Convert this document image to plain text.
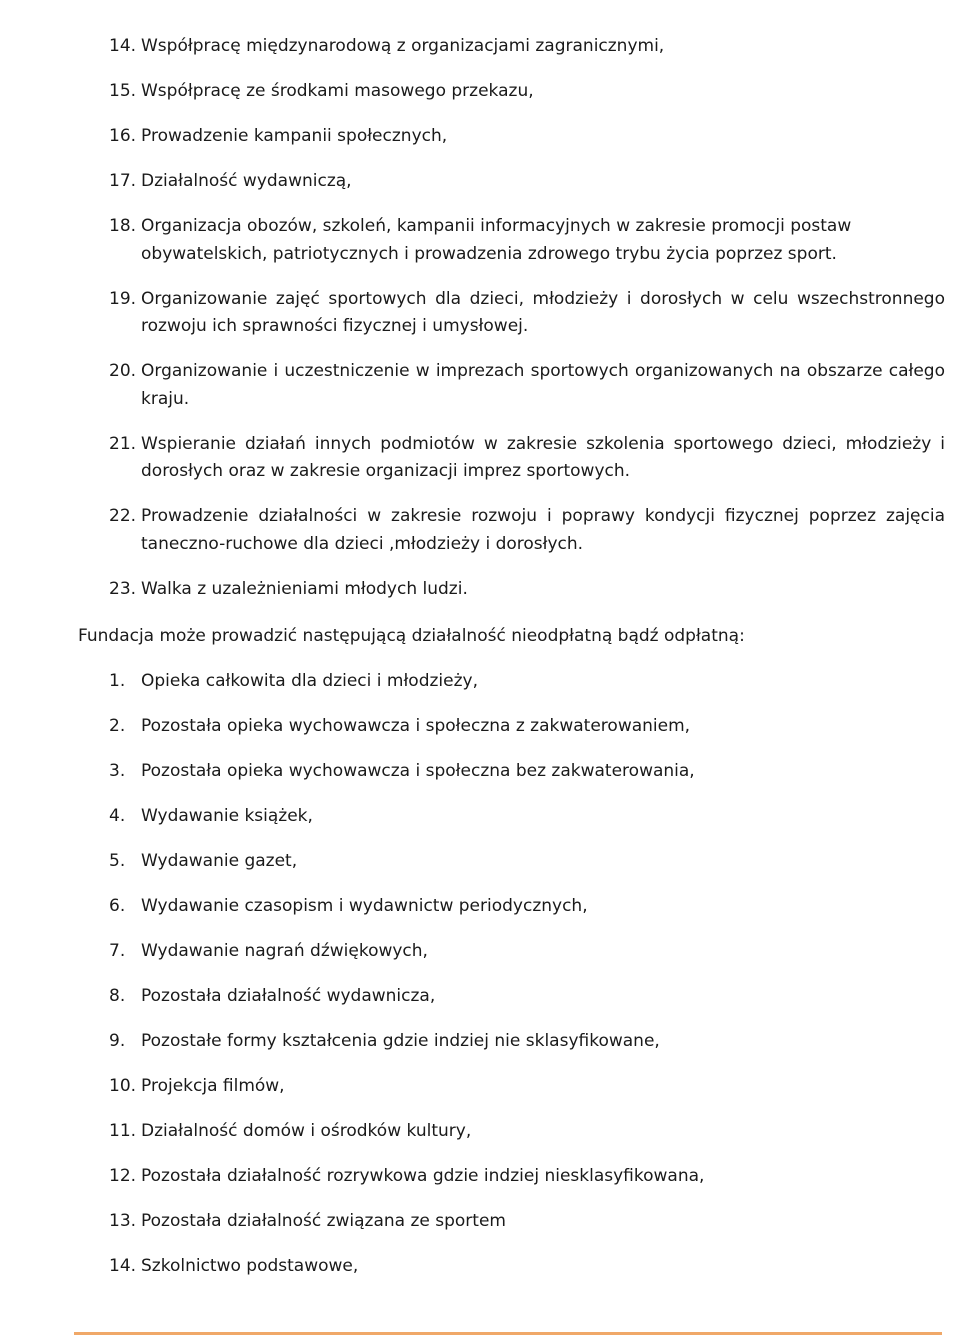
14. Współpracę międzynarodową z organizacjami zagranicznymi,
15. Współpracę ze środkami masowego przekazu,
16. Prowadzenie kampanii społecznych,
17. Działalność wydawniczą,
18. Organizacja obozów, szkoleń, kampanii informacyjnych w zakresie promocji postaw obywatelskich, patriotycznych i prowadzenia zdrowego trybu życia poprzez sport.
19. Organizowanie zajęć sportowych dla dzieci, młodzieży i dorosłych w celu wszechstronnego rozwoju ich sprawności fizycznej i umysłowej.
20. Organizowanie i uczestniczenie w imprezach sportowych organizowanych na obszarze całego kraju.
21. Wspieranie działań innych podmiotów w zakresie szkolenia sportowego dzieci, młodzieży i dorosłych oraz w zakresie organizacji imprez sportowych.
22. Prowadzenie działalności w zakresie rozwoju i poprawy kondycji fizycznej poprzez zajęcia taneczno-ruchowe dla dzieci ,młodzieży i dorosłych.
23. Walka z uzależnieniami młodych ludzi.
Fundacja może prowadzić następującą działalność nieodpłatną bądź odpłatną:
1. Opieka całkowita dla dzieci i młodzieży,
2. Pozostała opieka wychowawcza i społeczna z zakwaterowaniem,
3. Pozostała opieka wychowawcza i społeczna bez zakwaterowania,
4. Wydawanie książek,
5. Wydawanie gazet,
6. Wydawanie czasopism i wydawnictw periodycznych,
7. Wydawanie nagrań dźwiękowych,
8. Pozostała działalność wydawnicza,
9. Pozostałe formy kształcenia gdzie indziej nie sklasyfikowane,
10. Projekcja filmów,
11. Działalność domów i ośrodków kultury,
12. Pozostała działalność rozrywkowa gdzie indziej niesklasyfikowana,
13. Pozostała działalność związana ze sportem
14. Szkolnictwo podstawowe,
